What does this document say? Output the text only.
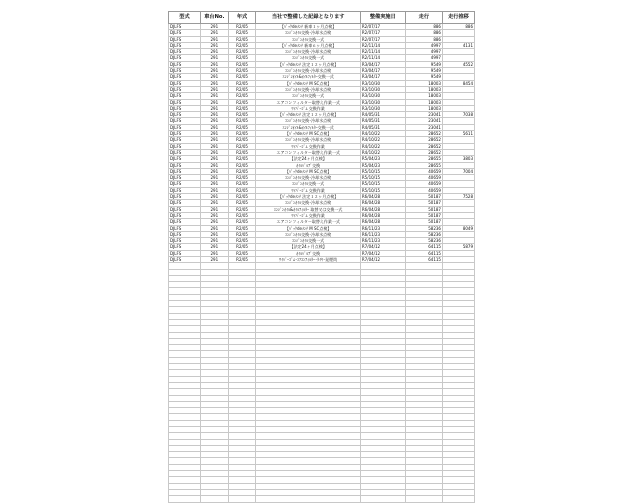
型式	車台No.	年式	当社で整備した記録となります	整備実施日	走行	走行推移
DJLFS	291	R2/05	【ﾊﾟｯｸdeﾒﾝﾃ 新車１ヶ月点検】	R2/07/17	886	886
DJLFS	291	R2/05	ｴﾝｼﾞﾝｵｲﾙ交換･冷却水点検	R2/07/17	886	
DJLFS	291	R2/05	ｴﾝｼﾞﾝｵｲﾙ交換一式	R2/07/17	886	
DJLFS	291	R2/05	【ﾊﾟｯｸdeﾒﾝﾃ 新車６ヶ月点検】	R2/11/14	4997	4131
DJLFS	291	R2/05	ｴﾝｼﾞﾝｵｲﾙ交換･冷却水点検	R2/11/14	4997	
DJLFS	291	R2/05	ｴﾝｼﾞﾝｵｲﾙ交換一式	R2/11/14	4997	
DJLFS	291	R2/05	【ﾊﾟｯｸdeﾒﾝﾃ 法定１２ヶ月点検】	R3/04/17	9549	4552
DJLFS	291	R2/05	ｴﾝｼﾞﾝｵｲﾙ交換･冷却水点検	R3/04/17	9549	
DJLFS	291	R2/05	ｴﾝｼﾞﾝｵｲﾙ&ｵｲﾙﾌｨﾙﾀｰ交換一式	R3/04/17	9549	
DJLFS	291	R2/05	【ﾊﾟｯｸdeﾒﾝﾃ M SC点検】	R3/10/30	18003	8454
DJLFS	291	R2/05	ｴﾝｼﾞﾝｵｲﾙ交換･冷却水点検	R3/10/30	18003	
DJLFS	291	R2/05	ｴﾝｼﾞﾝｵｲﾙ交換一式	R3/10/30	18003	
DJLFS	291	R2/05	エアコンフィルター取替え作業一式	R3/10/30	18003	
DJLFS	291	R2/05	ﾜｲﾊﾟｰｺﾞﾑ 交換作業	R3/10/30	18003	
DJLFS	291	R2/05	【ﾊﾟｯｸdeﾒﾝﾃ 法定１２ヶ月点検】	R4/05/31	23041	7038
DJLFS	291	R2/05	ｴﾝｼﾞﾝｵｲﾙ交換･冷却水点検	R4/05/31	23041	
DJLFS	291	R2/05	ｴﾝｼﾞﾝｵｲﾙ&ｵｲﾙﾌｨﾙﾀｰ交換一式	R4/05/31	23041	
DJLFS	291	R2/05	【ﾊﾟｯｸdeﾒﾝﾃ M SC点検】	R4/10/22	28652	5611
DJLFS	291	R2/05	ｴﾝｼﾞﾝｵｲﾙ交換･冷却水点検	R4/10/22	28652	
DJLFS	291	R2/05	ﾜｲﾊﾟｰｺﾞﾑ 交換作業	R4/10/22	28652	
DJLFS	291	R2/05	エアコンフィルター取替え作業一式	R4/10/22	28652	
DJLFS	291	R2/05	【法定24ヶ月点検】	R5/04/23	28655	3803
DJLFS	291	R2/05	ｵｲﾙﾊﾞﾙﾌﾞ交換	R5/04/23	28655	
DJLFS	291	R2/05	【ﾊﾟｯｸdeﾒﾝﾃ M SC点検】	R5/10/15	40659	7004
DJLFS	291	R2/05	ｴﾝｼﾞﾝｵｲﾙ交換･冷却水点検	R5/10/15	40659	
DJLFS	291	R2/05	ｴﾝｼﾞﾝｵｲﾙ交換一式	R5/10/15	40659	
DJLFS	291	R2/05	ﾜｲﾊﾟｰｺﾞﾑ 交換作業	R5/10/15	40659	
DJLFS	291	R2/05	【ﾊﾟｯｸdeﾒﾝﾃ 法定１２ヶ月点検】	R6/04/28	50187	7528
DJLFS	291	R2/05	ｴﾝｼﾞﾝｵｲﾙ交換･冷却水点検	R6/04/28	50187	
DJLFS	291	R2/05	ｴﾝｼﾞﾝｵｲﾙ&ｵｲﾙﾌｨﾙﾀｰ 取替又は交換一式	R6/04/28	50187	
DJLFS	291	R2/05	ﾜｲﾊﾟｰｺﾞﾑ 交換作業	R6/04/28	50187	
DJLFS	291	R2/05	エアコンフィルター取替え作業一式	R6/04/28	50187	
DJLFS	291	R2/05	【ﾊﾟｯｸdeﾒﾝﾃ M SC点検】	R6/11/23	58236	8049
DJLFS	291	R2/05	ｴﾝｼﾞﾝｵｲﾙ交換･冷却水点検	R6/11/23	58236	
DJLFS	291	R2/05	ｴﾝｼﾞﾝｵｲﾙ交換一式	R6/11/23	58236	
DJLFS	291	R2/05	【法定24ヶ月点検】	R7/04/12	64115	5879
DJLFS	291	R2/05	ｵｲﾙﾊﾞﾙﾌﾞ交換	R7/04/12	64115	
DJLFS	291	R2/05	ﾜｲﾊﾟｰｺﾞﾑ･ｴｱｺﾝﾌｨﾙﾀｰ･ﾀｲﾔ･発煙筒	R7/04/12	64115	
